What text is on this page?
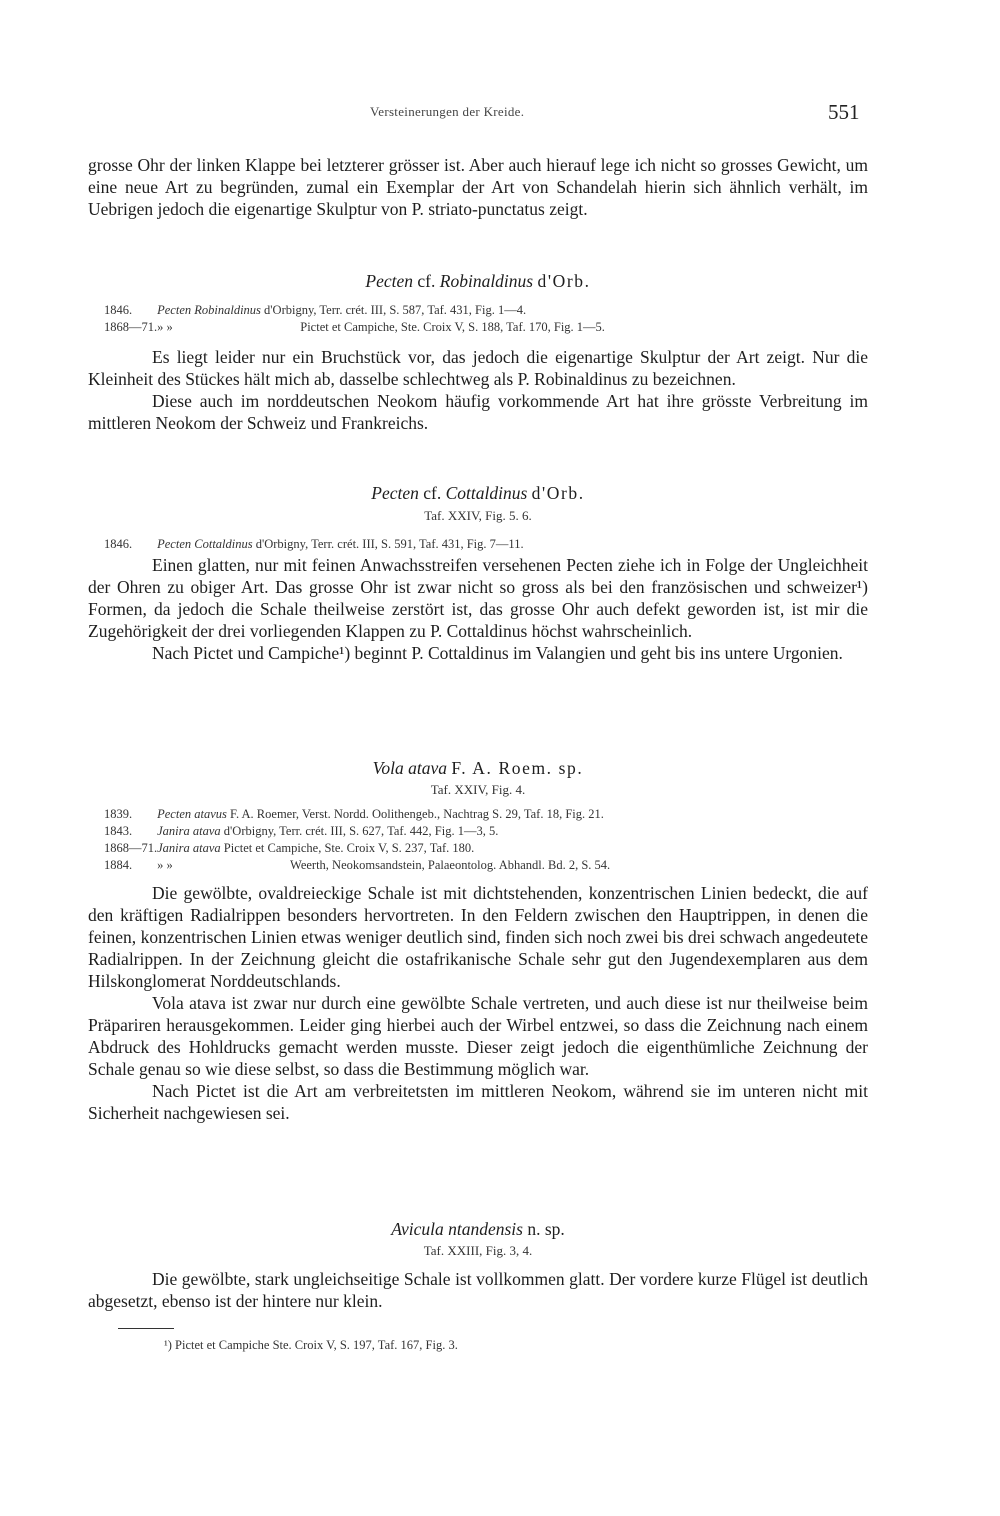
Versteinerungen der Kreide.	551

grosse Ohr der linken Klappe bei letzterer grösser ist. Aber auch hierauf lege ich nicht so grosses Gewicht, um eine neue Art zu begründen, zumal ein Exemplar der Art von Schandelah hierin sich ähnlich verhält, im Uebrigen jedoch die eigenartige Skulptur von P. striato-punctatus zeigt.

Pecten cf. Robinaldinus d'Orb.
1846. Pecten Robinaldinus d'Orbigny, Terr. crét. III, S. 587, Taf. 431, Fig. 1—4.
1868—71. » »	Pictet et Campiche, Ste. Croix V, S. 188, Taf. 170, Fig. 1—5.

Es liegt leider nur ein Bruchstück vor, das jedoch die eigenartige Skulptur der Art zeigt. Nur die Kleinheit des Stückes hält mich ab, dasselbe schlechtweg als P. Robinaldinus zu bezeichnen.

Diese auch im norddeutschen Neokom häufig vorkommende Art hat ihre grösste Verbreitung im mittleren Neokom der Schweiz und Frankreichs.

Pecten cf. Cottaldinus d'Orb.
Taf. XXIV, Fig. 5. 6.
1846. Pecten Cottaldinus d'Orbigny, Terr. crét. III, S. 591, Taf. 431, Fig. 7—11.

Einen glatten, nur mit feinen Anwachsstreifen versehenen Pecten ziehe ich in Folge der Ungleichheit der Ohren zu obiger Art. Das grosse Ohr ist zwar nicht so gross als bei den französischen und schweizer¹) Formen, da jedoch die Schale theilweise zerstört ist, das grosse Ohr auch defekt geworden ist, ist mir die Zugehörigkeit der drei vorliegenden Klappen zu P. Cottaldinus höchst wahrscheinlich.

Nach Pictet und Campiche¹) beginnt P. Cottaldinus im Valangien und geht bis ins untere Urgonien.

Vola atava F. A. Roem. sp.
Taf. XXIV, Fig. 4.
1839. Pecten atavus F. A. Roemer, Verst. Nordd. Oolithengeb., Nachtrag S. 29, Taf. 18, Fig. 21.
1843. Janira atava d'Orbigny, Terr. crét. III, S. 627, Taf. 442, Fig. 1—3, 5.
1868—71. Janira atava Pictet et Campiche, Ste. Croix V, S. 237, Taf. 180.
1884. » »	Weerth, Neokomsandstein, Palaeontolog. Abhandl. Bd. 2, S. 54.

Die gewölbte, ovaldreieckige Schale ist mit dichtstehenden, konzentrischen Linien bedeckt, die auf den kräftigen Radialrippen besonders hervortreten. In den Feldern zwischen den Hauptrippen, in denen die feinen, konzentrischen Linien etwas weniger deutlich sind, finden sich noch zwei bis drei schwach angedeutete Radialrippen. In der Zeichnung gleicht die ostafrikanische Schale sehr gut den Jugendexemplaren aus dem Hilskonglomerat Norddeutschlands.

Vola atava ist zwar nur durch eine gewölbte Schale vertreten, und auch diese ist nur theilweise beim Präpariren herausgekommen. Leider ging hierbei auch der Wirbel entzwei, so dass die Zeichnung nach einem Abdruck des Hohldrucks gemacht werden musste. Dieser zeigt jedoch die eigenthümliche Zeichnung der Schale genau so wie diese selbst, so dass die Bestimmung möglich war.

Nach Pictet ist die Art am verbreitetsten im mittleren Neokom, während sie im unteren nicht mit Sicherheit nachgewiesen sei.

Avicula ntandensis n. sp.
Taf. XXIII, Fig. 3, 4.

Die gewölbte, stark ungleichseitige Schale ist vollkommen glatt. Der vordere kurze Flügel ist deutlich abgesetzt, ebenso ist der hintere nur klein.

¹) Pictet et Campiche Ste. Croix V, S. 197, Taf. 167, Fig. 3.
